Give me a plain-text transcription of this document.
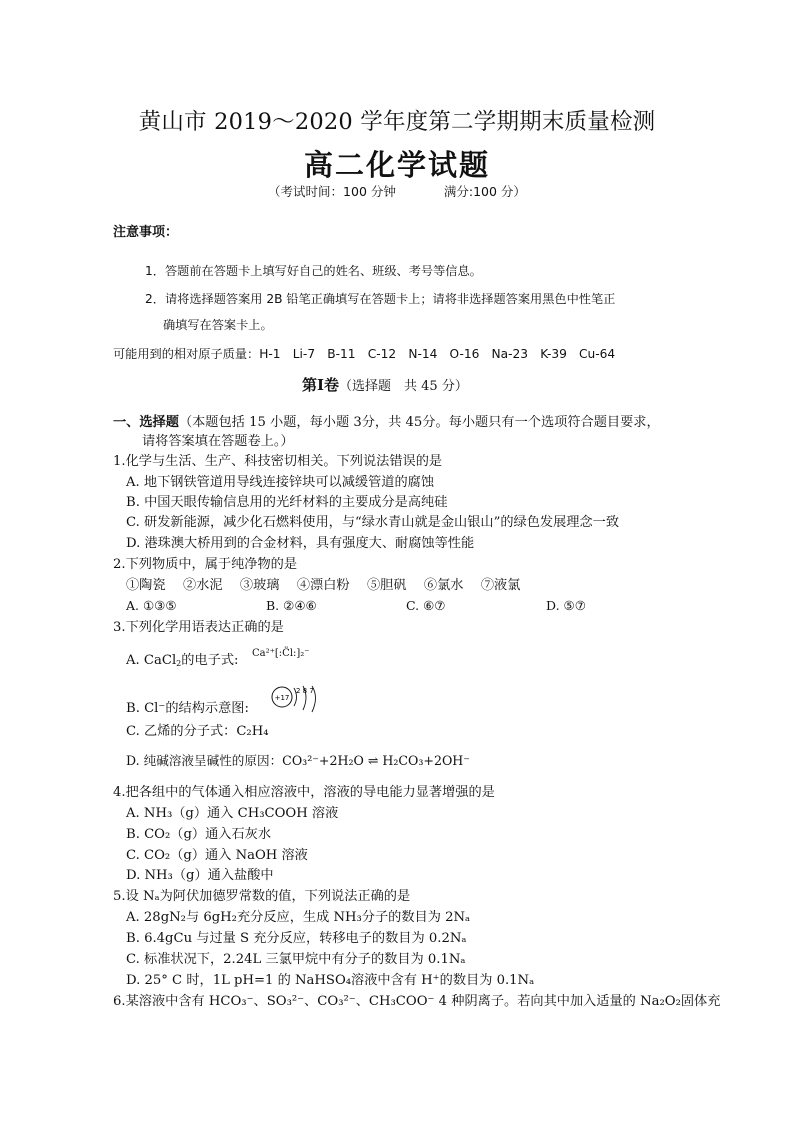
黄山市 2019～2020 学年度第二学期期末质量检测
高二化学试题
（考试时间：100 分钟	满分:100 分）
注意事项：
1．答题前在答题卡上填写好自己的姓名、班级、考号等信息。
2．请将选择题答案用 2B 铅笔正确填写在答题卡上；请将非选择题答案用黑色中性笔正
确填写在答案卡上。
可能用到的相对原子质量：H-1　Li-7　B-11　C-12　N-14　O-16　Na-23　K-39　Cu-64
第Ⅰ卷（选择题　共 45 分）
一、选择题（本题包括 15 小题，每小题 3分，共 45分。每小题只有一个选项符合题目要求，
请将答案填在答题卷上。）
1.化学与生活、生产、科技密切相关。下列说法错误的是
A. 地下钢铁管道用导线连接锌块可以减缓管道的腐蚀
B. 中国天眼传输信息用的光纤材料的主要成分是高纯硅
C. 研发新能源，减少化石燃料使用，与“绿水青山就是金山银山”的绿色发展理念一致
D. 港珠澳大桥用到的合金材料，具有强度大、耐腐蚀等性能
2.下列物质中，属于纯净物的是
①陶瓷　 ②水泥　 ③玻璃　 ④漂白粉　 ⑤胆矾　 ⑥氯水　 ⑦液氯
A. ①③⑤	B. ②④⑥	C. ⑥⑦	D. ⑤⑦
3.下列化学用语表达正确的是
A. CaCl$_2$的电子式: Ca²⁺[:C̈l:]₂⁻
B. Cl⁻的结构示意图:
+17
2 8 7
C. 乙烯的分子式：C₂H₄
D. 纯碱溶液呈碱性的原因：CO₃²⁻+2H₂O ⇌ H₂CO₃+2OH⁻
4.把各组中的气体通入相应溶液中，溶液的导电能力显著增强的是
A. NH₃（g）通入 CH₃COOH 溶液
B. CO₂（g）通入石灰水
C. CO₂（g）通入 NaOH 溶液
D. NH₃（g）通入盐酸中
5.设 Nₐ为阿伏加德罗常数的值，下列说法正确的是
A. 28gN₂与 6gH₂充分反应，生成 NH₃分子的数目为 2Nₐ
B. 6.4gCu 与过量 S 充分反应，转移电子的数目为 0.2Nₐ
C. 标准状况下，2.24L 三氯甲烷中有分子的数目为 0.1Nₐ
D. 25° C 时，1L pH=1 的 NaHSO₄溶液中含有 H⁺的数目为 0.1Nₐ
6.某溶液中含有 HCO₃⁻、SO₃²⁻、CO₃²⁻、CH₃COO⁻ 4 种阴离子。若向其中加入适量的 Na₂O₂固体充
